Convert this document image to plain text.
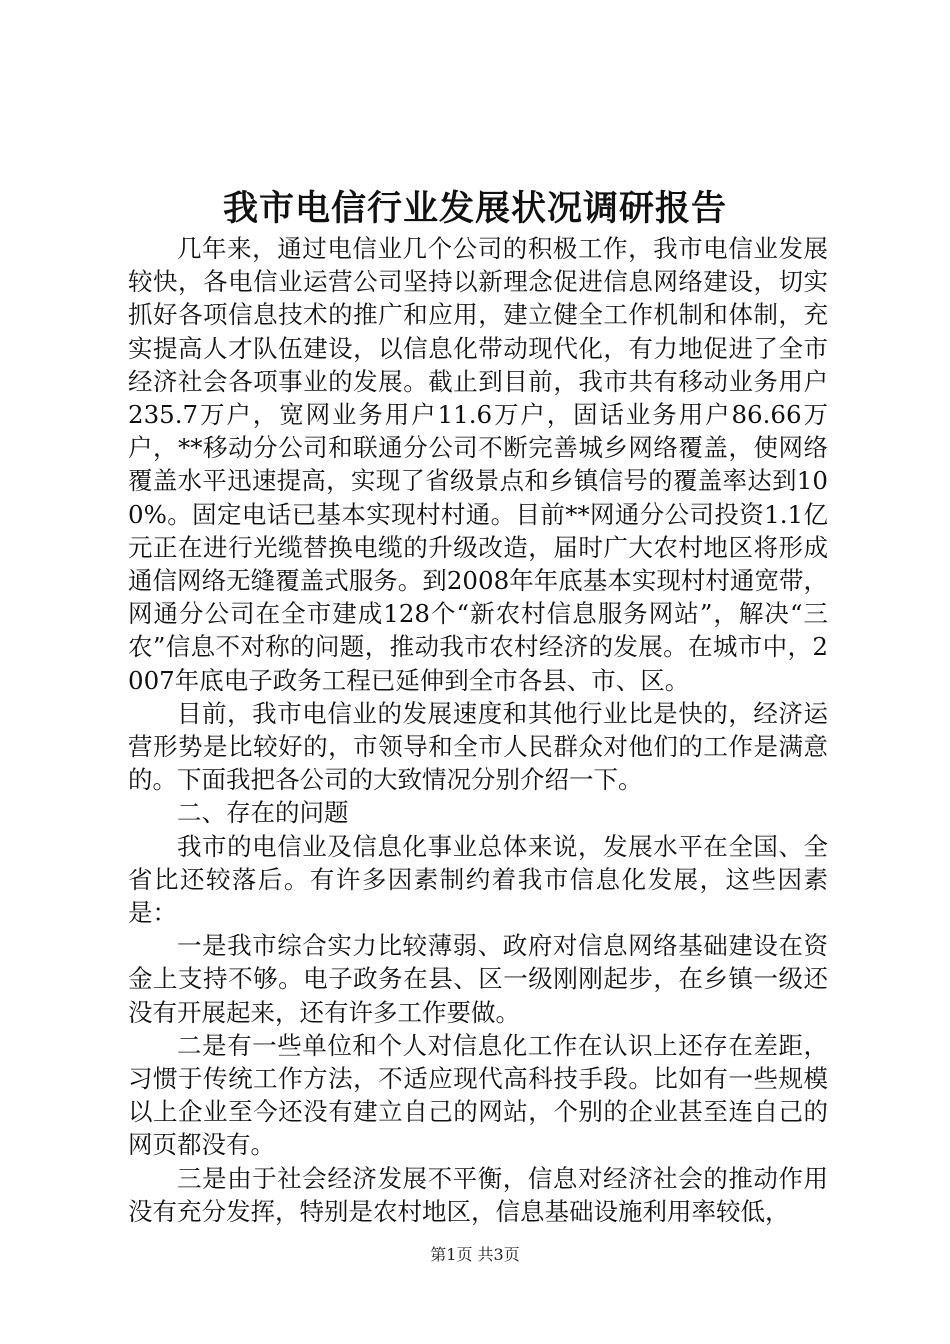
我市电信行业发展状况调研报告

几年来，通过电信业几个公司的积极工作，我市电信业发展较快，各电信业运营公司坚持以新理念促进信息网络建设，切实抓好各项信息技术的推广和应用，建立健全工作机制和体制，充实提高人才队伍建设，以信息化带动现代化，有力地促进了全市经济社会各项事业的发展。截止到目前，我市共有移动业务用户235.7万户，宽网业务用户11.6万户，固话业务用户86.66万户，**移动分公司和联通分公司不断完善城乡网络覆盖，使网络覆盖水平迅速提高，实现了省级景点和乡镇信号的覆盖率达到100%。固定电话已基本实现村村通。目前**网通分公司投资1.1亿元正在进行光缆替换电缆的升级改造，届时广大农村地区将形成通信网络无缝覆盖式服务。到2008年年底基本实现村村通宽带，网通分公司在全市建成128个“新农村信息服务网站”，解决“三农”信息不对称的问题，推动我市农村经济的发展。在城市中，2007年底电子政务工程已延伸到全市各县、市、区。

目前，我市电信业的发展速度和其他行业比是快的，经济运营形势是比较好的，市领导和全市人民群众对他们的工作是满意的。下面我把各公司的大致情况分别介绍一下。

二、存在的问题

我市的电信业及信息化事业总体来说，发展水平在全国、全省比还较落后。有许多因素制约着我市信息化发展，这些因素是：

一是我市综合实力比较薄弱、政府对信息网络基础建设在资金上支持不够。电子政务在县、区一级刚刚起步，在乡镇一级还没有开展起来，还有许多工作要做。

二是有一些单位和个人对信息化工作在认识上还存在差距，习惯于传统工作方法，不适应现代高科技手段。比如有一些规模以上企业至今还没有建立自己的网站，个别的企业甚至连自己的网页都没有。

三是由于社会经济发展不平衡，信息对经济社会的推动作用没有充分发挥，特别是农村地区，信息基础设施利用率较低，

第1页 共3页
